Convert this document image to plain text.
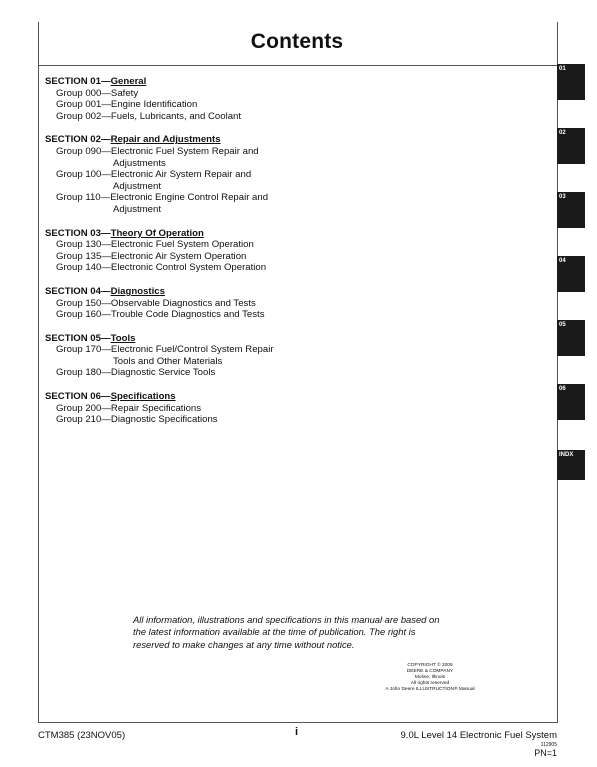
Contents
SECTION 01—General
Group 000—Safety
Group 001—Engine Identification
Group 002—Fuels, Lubricants, and Coolant
SECTION 02—Repair and Adjustments
Group 090—Electronic Fuel System Repair and
Adjustments
Group 100—Electronic Air System Repair and
Adjustment
Group 110—Electronic Engine Control Repair and
Adjustment
SECTION 03—Theory Of Operation
Group 130—Electronic Fuel System Operation
Group 135—Electronic Air System Operation
Group 140—Electronic Control System Operation
SECTION 04—Diagnostics
Group 150—Observable Diagnostics and Tests
Group 160—Trouble Code Diagnostics and Tests
SECTION 05—Tools
Group 170—Electronic Fuel/Control System Repair
Tools and Other Materials
Group 180—Diagnostic Service Tools
SECTION 06—Specifications
Group 200—Repair Specifications
Group 210—Diagnostic Specifications
01
02
03
04
05
06
INDX
All information, illustrations and specifications in this manual are based on
the latest information available at the time of publication. The right is
reserved to make changes at any time without notice.
COPYRIGHT © 2005
DEERE & COMPANY
Moline, Illinois
All rights reserved
A John Deere ILLUSTRUCTION® Manual
CTM385 (23NOV05)	i	9.0L Level 14 Electronic Fuel System
112905
PN=1
